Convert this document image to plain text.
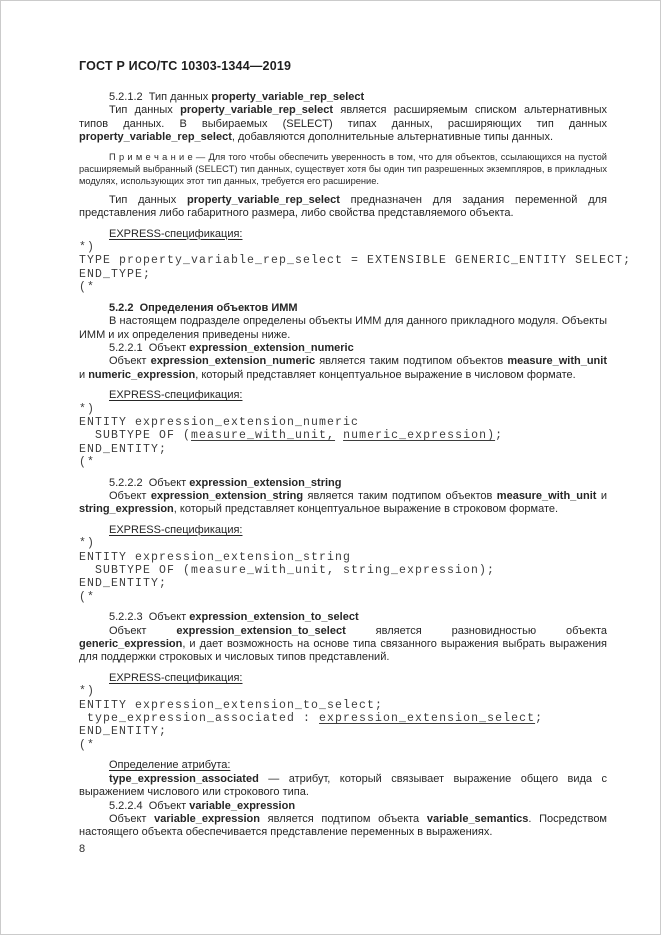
ГОСТ Р ИСО/ТС 10303-1344—2019
5.2.1.2  Тип данных property_variable_rep_select
Тип данных property_variable_rep_select является расширяемым списком альтернативных типов данных. В выбираемых (SELECT) типах данных, расширяющих тип данных property_variable_rep_select, добавляются дополнительные альтернативные типы данных.
П р и м е ч а н и е — Для того чтобы обеспечить уверенность в том, что для объектов, ссылающихся на пустой расширяемый выбранный (SELECT) тип данных, существует хотя бы один тип разрешенных экземпляров, в прикладных модулях, использующих этот тип данных, требуется его расширение.
Тип данных property_variable_rep_select предназначен для задания переменной для представления либо габаритного размера, либо свойства представляемого объекта.
EXPRESS-спецификация:
*)
TYPE property_variable_rep_select = EXTENSIBLE GENERIC_ENTITY SELECT;
END_TYPE;
(*
5.2.2  Определения объектов ИММ
В настоящем подразделе определены объекты ИММ для данного прикладного модуля. Объекты ИММ и их определения приведены ниже.
5.2.2.1  Объект expression_extension_numeric
Объект expression_extension_numeric является таким подтипом объектов measure_with_unit и numeric_expression, который представляет концептуальное выражение в числовом формате.
EXPRESS-спецификация:
*)
ENTITY expression_extension_numeric
SUBTYPE OF (measure_with_unit, numeric_expression);
END_ENTITY;
(*
5.2.2.2  Объект expression_extension_string
Объект expression_extension_string является таким подтипом объектов measure_with_unit и string_expression, который представляет концептуальное выражение в строковом формате.
EXPRESS-спецификация:
*)
ENTITY expression_extension_string
SUBTYPE OF (measure_with_unit, string_expression);
END_ENTITY;
(*
5.2.2.3  Объект expression_extension_to_select
Объект expression_extension_to_select является разновидностью объекта generic_expression, и дает возможность на основе типа связанного выражения выбрать выражения для поддержки строковых и числовых типов представлений.
EXPRESS-спецификация:
*)
ENTITY expression_extension_to_select;
type_expression_associated : expression_extension_select;
END_ENTITY;
(*
Определение атрибута:
type_expression_associated — атрибут, который связывает выражение общего вида с выражением числового или строкового типа.
5.2.2.4  Объект variable_expression
Объект variable_expression является подтипом объекта variable_semantics. Посредством настоящего объекта обеспечивается представление переменных в выражениях.
8
